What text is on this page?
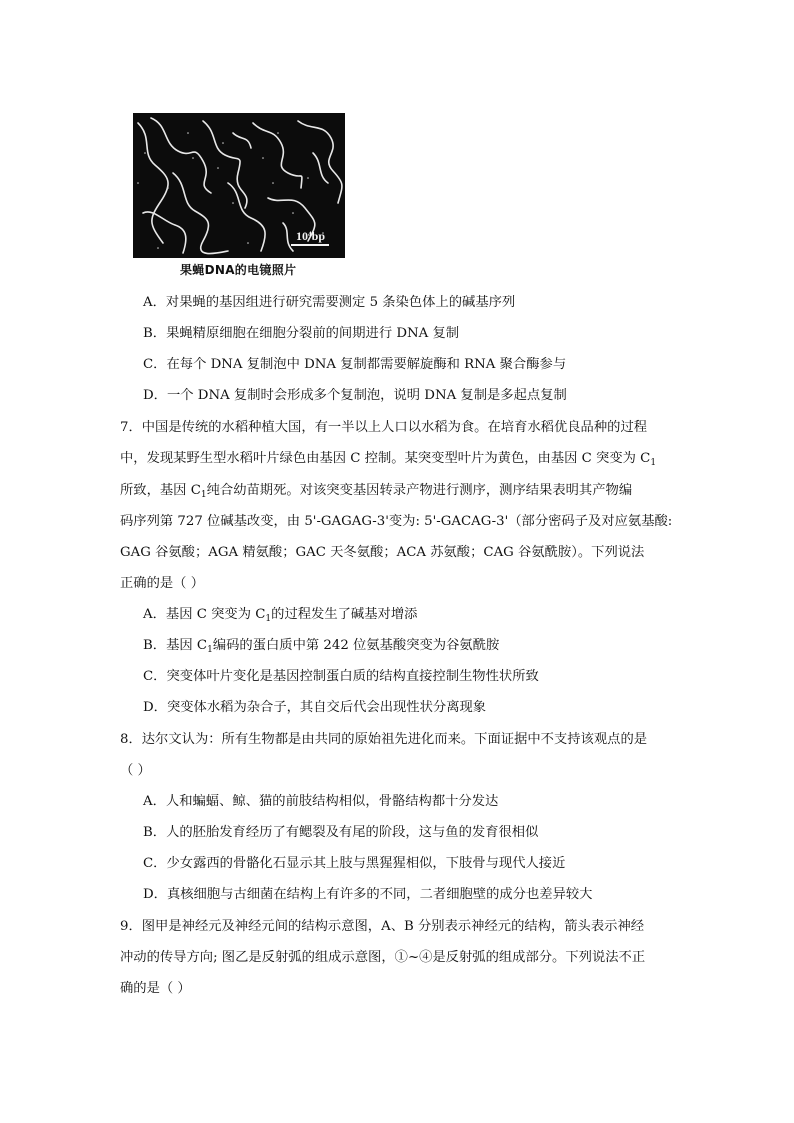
10⁴bp
果蝇DNA的电镜照片
A．对果蝇的基因组进行研究需要测定 5 条染色体上的碱基序列
B．果蝇精原细胞在细胞分裂前的间期进行 DNA 复制
C．在每个 DNA 复制泡中 DNA 复制都需要解旋酶和 RNA 聚合酶参与
D．一个 DNA 复制时会形成多个复制泡，说明 DNA 复制是多起点复制
7．中国是传统的水稻种植大国，有一半以上人口以水稻为食。在培育水稻优良品种的过程
中，发现某野生型水稻叶片绿色由基因 C 控制。某突变型叶片为黄色，由基因 C 突变为 $C_1$
所致，基因 $C_1$纯合幼苗期死。对该突变基因转录产物进行测序，测序结果表明其产物编
码序列第 727 位碱基改变，由 5'-GAGAG-3'变为: 5'-GACAG-3'（部分密码子及对应氨基酸:
GAG 谷氨酸；AGA 精氨酸；GAC 天冬氨酸；ACA 苏氨酸；CAG 谷氨酰胺）。下列说法
正确的是（ ）
A．基因 C 突变为 $C_1$的过程发生了碱基对增添
B．基因 $C_1$编码的蛋白质中第 242 位氨基酸突变为谷氨酰胺
C．突变体叶片变化是基因控制蛋白质的结构直接控制生物性状所致
D．突变体水稻为杂合子，其自交后代会出现性状分离现象
8．达尔文认为：所有生物都是由共同的原始祖先进化而来。下面证据中不支持该观点的是
（ ）
A．人和蝙蝠、鲸、猫的前肢结构相似，骨骼结构都十分发达
B．人的胚胎发育经历了有鳃裂及有尾的阶段，这与鱼的发育很相似
C．少女露西的骨骼化石显示其上肢与黑猩猩相似，下肢骨与现代人接近
D．真核细胞与古细菌在结构上有许多的不同，二者细胞壁的成分也差异较大
9．图甲是神经元及神经元间的结构示意图，A、B 分别表示神经元的结构，箭头表示神经
冲动的传导方向; 图乙是反射弧的组成示意图，①~④是反射弧的组成部分。下列说法不正
确的是（ ）
